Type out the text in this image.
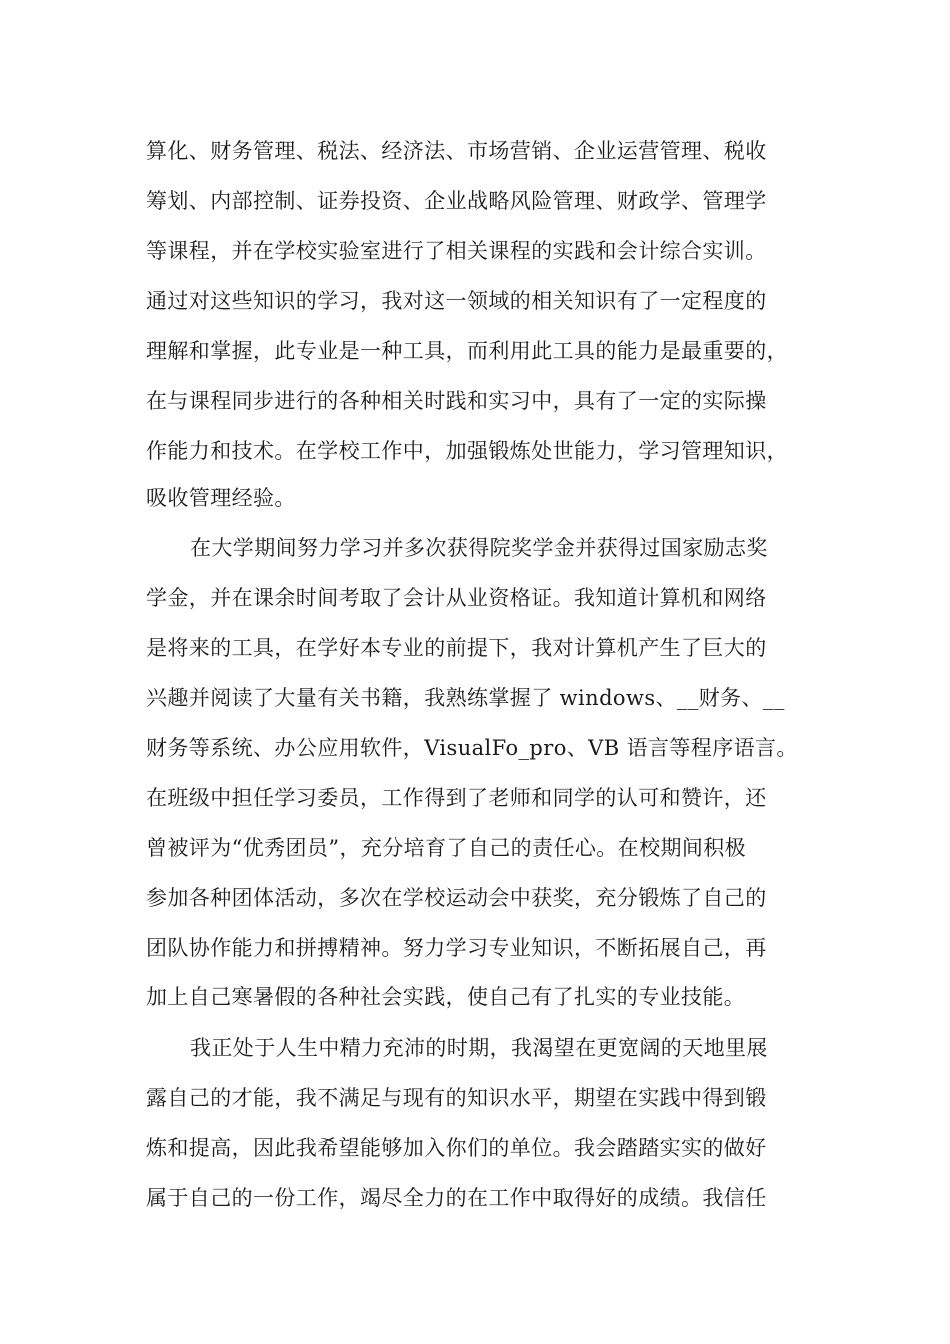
算化、财务管理、税法、经济法、市场营销、企业运营管理、税收
筹划、内部控制、证券投资、企业战略风险管理、财政学、管理学
等课程，并在学校实验室进行了相关课程的实践和会计综合实训。
通过对这些知识的学习，我对这一领域的相关知识有了一定程度的
理解和掌握，此专业是一种工具，而利用此工具的能力是最重要的，
在与课程同步进行的各种相关时践和实习中，具有了一定的实际操
作能力和技术。在学校工作中，加强锻炼处世能力，学习管理知识，
吸收管理经验。
在大学期间努力学习并多次获得院奖学金并获得过国家励志奖
学金，并在课余时间考取了会计从业资格证。我知道计算机和网络
是将来的工具，在学好本专业的前提下，我对计算机产生了巨大的
兴趣并阅读了大量有关书籍，我熟练掌握了 windows、__财务、__
财务等系统、办公应用软件，VisualFo_pro、VB 语言等程序语言。
在班级中担任学习委员，工作得到了老师和同学的认可和赞许，还
曾被评为“优秀团员”，充分培育了自己的责任心。在校期间积极
参加各种团体活动，多次在学校运动会中获奖，充分锻炼了自己的
团队协作能力和拼搏精神。努力学习专业知识，不断拓展自己，再
加上自己寒暑假的各种社会实践，使自己有了扎实的专业技能。
我正处于人生中精力充沛的时期，我渴望在更宽阔的天地里展
露自己的才能，我不满足与现有的知识水平，期望在实践中得到锻
炼和提高，因此我希望能够加入你们的单位。我会踏踏实实的做好
属于自己的一份工作，竭尽全力的在工作中取得好的成绩。我信任
